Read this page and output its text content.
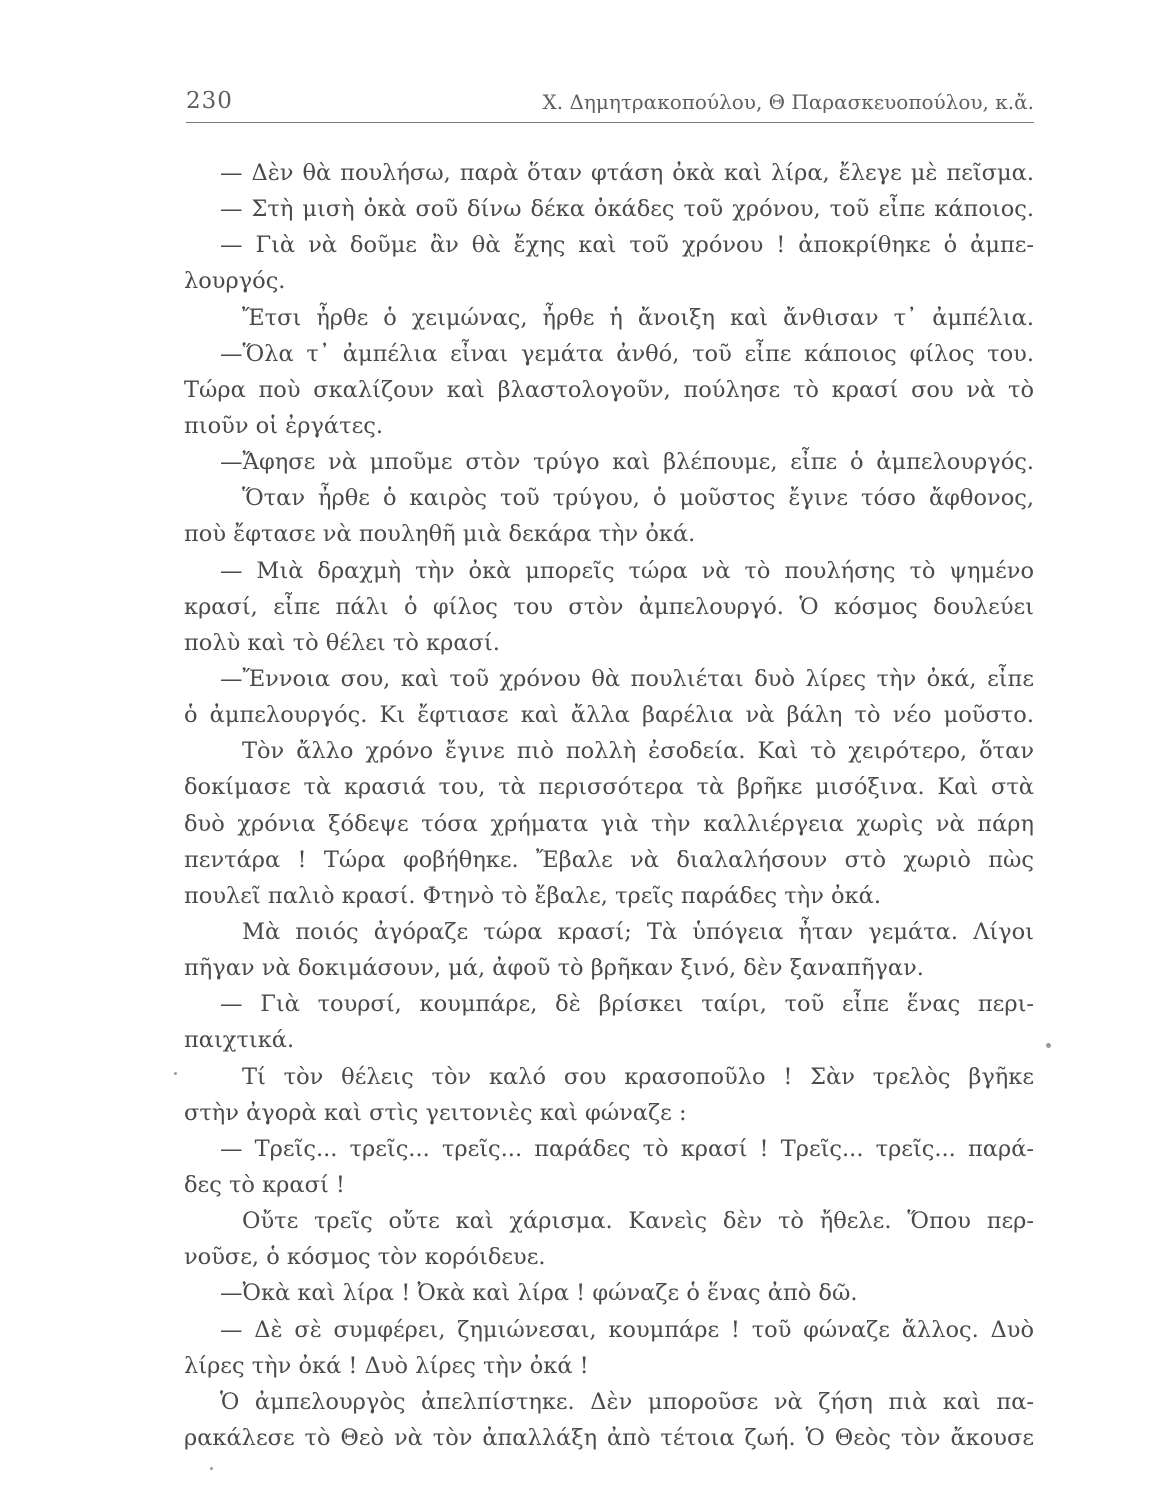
230	Χ. Δημητρακοπούλου, Θ Παρασκευοπούλου, κ.ἄ.
— Δὲν θὰ πουλήσω, παρὰ ὅταν φτάση ὀκὰ καὶ λίρα, ἔλεγε μὲ πεῖσμα.
— Στὴ μισὴ ὀκὰ σοῦ δίνω δέκα ὀκάδες τοῦ χρόνου, τοῦ εἶπε κάποιος.
— Γιὰ νὰ δοῦμε ἂν θὰ ἔχης καὶ τοῦ χρόνου ! ἀποκρίθηκε ὁ ἀμπε-
λουργός.
Ἔτσι ἦρθε ὁ χειμώνας, ἦρθε ἡ ἄνοιξη καὶ ἄνθισαν τ᾽ ἀμπέλια.
—Ὅλα τ᾽ ἀμπέλια εἶναι γεμάτα ἀνθό, τοῦ εἶπε κάποιος φίλος του.
Τώρα ποὺ σκαλίζουν καὶ βλαστολογοῦν, πούλησε τὸ κρασί σου νὰ τὸ
πιοῦν οἱ ἐργάτες.
—Ἄφησε νὰ μποῦμε στὸν τρύγο καὶ βλέπουμε, εἶπε ὁ ἀμπελουργός.
Ὅταν ἦρθε ὁ καιρὸς τοῦ τρύγου, ὁ μοῦστος ἔγινε τόσο ἄφθονος,
ποὺ ἔφτασε νὰ πουληθῆ μιὰ δεκάρα τὴν ὀκά.
— Μιὰ δραχμὴ τὴν ὀκὰ μπορεῖς τώρα νὰ τὸ πουλήσης τὸ ψημένο
κρασί, εἶπε πάλι ὁ φίλος του στὸν ἀμπελουργό. Ὁ κόσμος δουλεύει
πολὺ καὶ τὸ θέλει τὸ κρασί.
—Ἔννοια σου, καὶ τοῦ χρόνου θὰ πουλιέται δυὸ λίρες τὴν ὀκά, εἶπε
ὁ ἀμπελουργός. Κι ἔφτιασε καὶ ἄλλα βαρέλια νὰ βάλη τὸ νέο μοῦστο.
Τὸν ἄλλο χρόνο ἔγινε πιὸ πολλὴ ἐσοδεία. Καὶ τὸ χειρότερο, ὅταν
δοκίμασε τὰ κρασιά του, τὰ περισσότερα τὰ βρῆκε μισόξινα. Καὶ στὰ
δυὸ χρόνια ξόδεψε τόσα χρήματα γιὰ τὴν καλλιέργεια χωρὶς νὰ πάρη
πεντάρα ! Τώρα φοβήθηκε. Ἔβαλε νὰ διαλαλήσουν στὸ χωριὸ πὼς
πουλεῖ παλιὸ κρασί. Φτηνὸ τὸ ἔβαλε, τρεῖς παράδες τὴν ὀκά.
Μὰ ποιός ἀγόραζε τώρα κρασί; Τὰ ὑπόγεια ἦταν γεμάτα. Λίγοι
πῆγαν νὰ δοκιμάσουν, μά, ἀφοῦ τὸ βρῆκαν ξινό, δὲν ξαναπῆγαν.
— Γιὰ τουρσί, κουμπάρε, δὲ βρίσκει ταίρι, τοῦ εἶπε ἕνας περι-
παιχτικά.
Τί τὸν θέλεις τὸν καλό σου κρασοποῦλο ! Σὰν τρελὸς βγῆκε
στὴν ἀγορὰ καὶ στὶς γειτονιὲς καὶ φώναζε :
— Τρεῖς... τρεῖς... τρεῖς... παράδες τὸ κρασί ! Τρεῖς... τρεῖς... παρά-
δες τὸ κρασί !
Οὔτε τρεῖς οὔτε καὶ χάρισμα. Κανεὶς δὲν τὸ ἤθελε. Ὅπου περ-
νοῦσε, ὁ κόσμος τὸν κορόιδευε.
—Ὀκὰ καὶ λίρα ! Ὀκὰ καὶ λίρα ! φώναζε ὁ ἕνας ἀπὸ δῶ.
— Δὲ σὲ συμφέρει, ζημιώνεσαι, κουμπάρε ! τοῦ φώναζε ἄλλος. Δυὸ
λίρες τὴν ὀκά ! Δυὸ λίρες τὴν ὀκά !
Ὁ ἀμπελουργὸς ἀπελπίστηκε. Δὲν μποροῦσε νὰ ζήση πιὰ καὶ πα-
ρακάλεσε τὸ Θεὸ νὰ τὸν ἀπαλλάξη ἀπὸ τέτοια ζωή. Ὁ Θεὸς τὸν ἄκουσε
